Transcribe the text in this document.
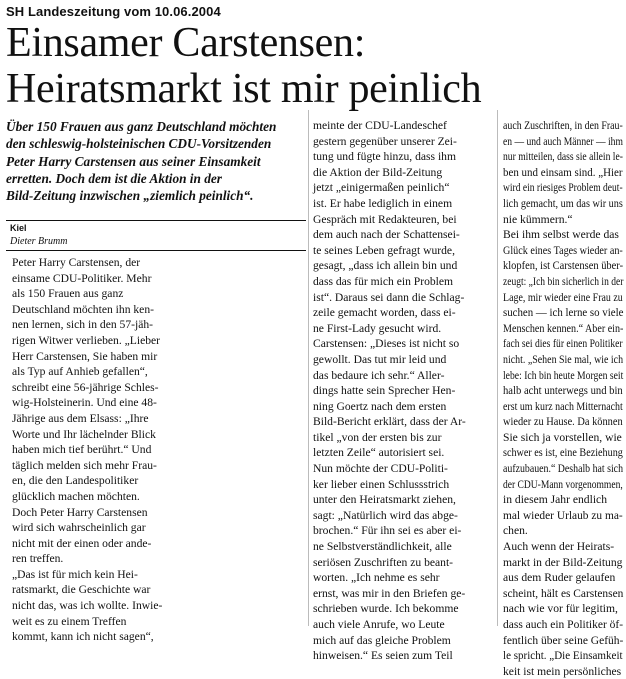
SH Landeszeitung vom 10.06.2004
Einsamer Carstensen:
Heiratsmarkt ist mir peinlich
Über 150 Frauen aus ganz Deutschland möchten
den schleswig-holsteinischen CDU-Vorsitzenden
Peter Harry Carstensen aus seiner Einsamkeit
erretten. Doch dem ist die Aktion in der
Bild-Zeitung inzwischen „ziemlich peinlich“.
Kiel
Dieter Brumm
Peter Harry Carstensen, der
einsame CDU-Politiker. Mehr
als 150 Frauen aus ganz
Deutschland möchten ihn ken-
nen lernen, sich in den 57-jäh-
rigen Witwer verlieben. „Lieber
Herr Carstensen, Sie haben mir
als Typ auf Anhieb gefallen“,
schreibt eine 56-jährige Schles-
wig-Holsteinerin. Und eine 48-
Jährige aus dem Elsass: „Ihre
Worte und Ihr lächelnder Blick
haben mich tief berührt.“ Und
täglich melden sich mehr Frau-
en, die den Landespolitiker
glücklich machen möchten.
Doch Peter Harry Carstensen
wird sich wahrscheinlich gar
nicht mit der einen oder ande-
ren treffen.
„Das ist für mich kein Hei-
ratsmarkt, die Geschichte war
nicht das, was ich wollte. Inwie-
weit es zu einem Treffen
kommt, kann ich nicht sagen“,
meinte der CDU-Landeschef
gestern gegenüber unserer Zei-
tung und fügte hinzu, dass ihm
die Aktion der Bild-Zeitung
jetzt „einigermaßen peinlich“
ist. Er habe lediglich in einem
Gespräch mit Redakteuren, bei
dem auch nach der Schattensei-
te seines Leben gefragt wurde,
gesagt, „dass ich allein bin und
dass das für mich ein Problem
ist“. Daraus sei dann die Schlag-
zeile gemacht worden, dass ei-
ne First-Lady gesucht wird.
Carstensen: „Dieses ist nicht so
gewollt. Das tut mir leid und
das bedaure ich sehr.“ Aller-
dings hatte sein Sprecher Hen-
ning Goertz nach dem ersten
Bild-Bericht erklärt, dass der Ar-
tikel „von der ersten bis zur
letzten Zeile“ autorisiert sei.
Nun möchte der CDU-Politi-
ker lieber einen Schlussstrich
unter den Heiratsmarkt ziehen,
sagt: „Natürlich wird das abge-
brochen.“ Für ihn sei es aber ei-
ne Selbstverständlichkeit, alle
seriösen Zuschriften zu beant-
worten. „Ich nehme es sehr
ernst, was mir in den Briefen ge-
schrieben wurde. Ich bekomme
auch viele Anrufe, wo Leute
mich auf das gleiche Problem
hinweisen.“ Es seien zum Teil
auch Zuschriften, in den Frau-
en — und auch Männer — ihm
nur mitteilen, dass sie allein le-
ben und einsam sind. „Hier
wird ein riesiges Problem deut-
lich gemacht, um das wir uns
nie kümmern.“
Bei ihm selbst werde das
Glück eines Tages wieder an-
klopfen, ist Carstensen über-
zeugt: „Ich bin sicherlich in der
Lage, mir wieder eine Frau zu
suchen — ich lerne so viele
Menschen kennen.“ Aber ein-
fach sei dies für einen Politiker
nicht. „Sehen Sie mal, wie ich
lebe: Ich bin heute Morgen seit
halb acht unterwegs und bin
erst um kurz nach Mitternacht
wieder zu Hause. Da können
Sie sich ja vorstellen, wie
schwer es ist, eine Beziehung
aufzubauen.“ Deshalb hat sich
der CDU-Mann vorgenommen,
in diesem Jahr endlich
mal wieder Urlaub zu ma-
chen.
Auch wenn der Heirats-
markt in der Bild-Zeitung
aus dem Ruder gelaufen
scheint, hält es Carstensen
nach wie vor für legitim,
dass auch ein Politiker öf-
fentlich über seine Gefüh-
le spricht. „Die Einsamkeit
keit ist mein persönliches
